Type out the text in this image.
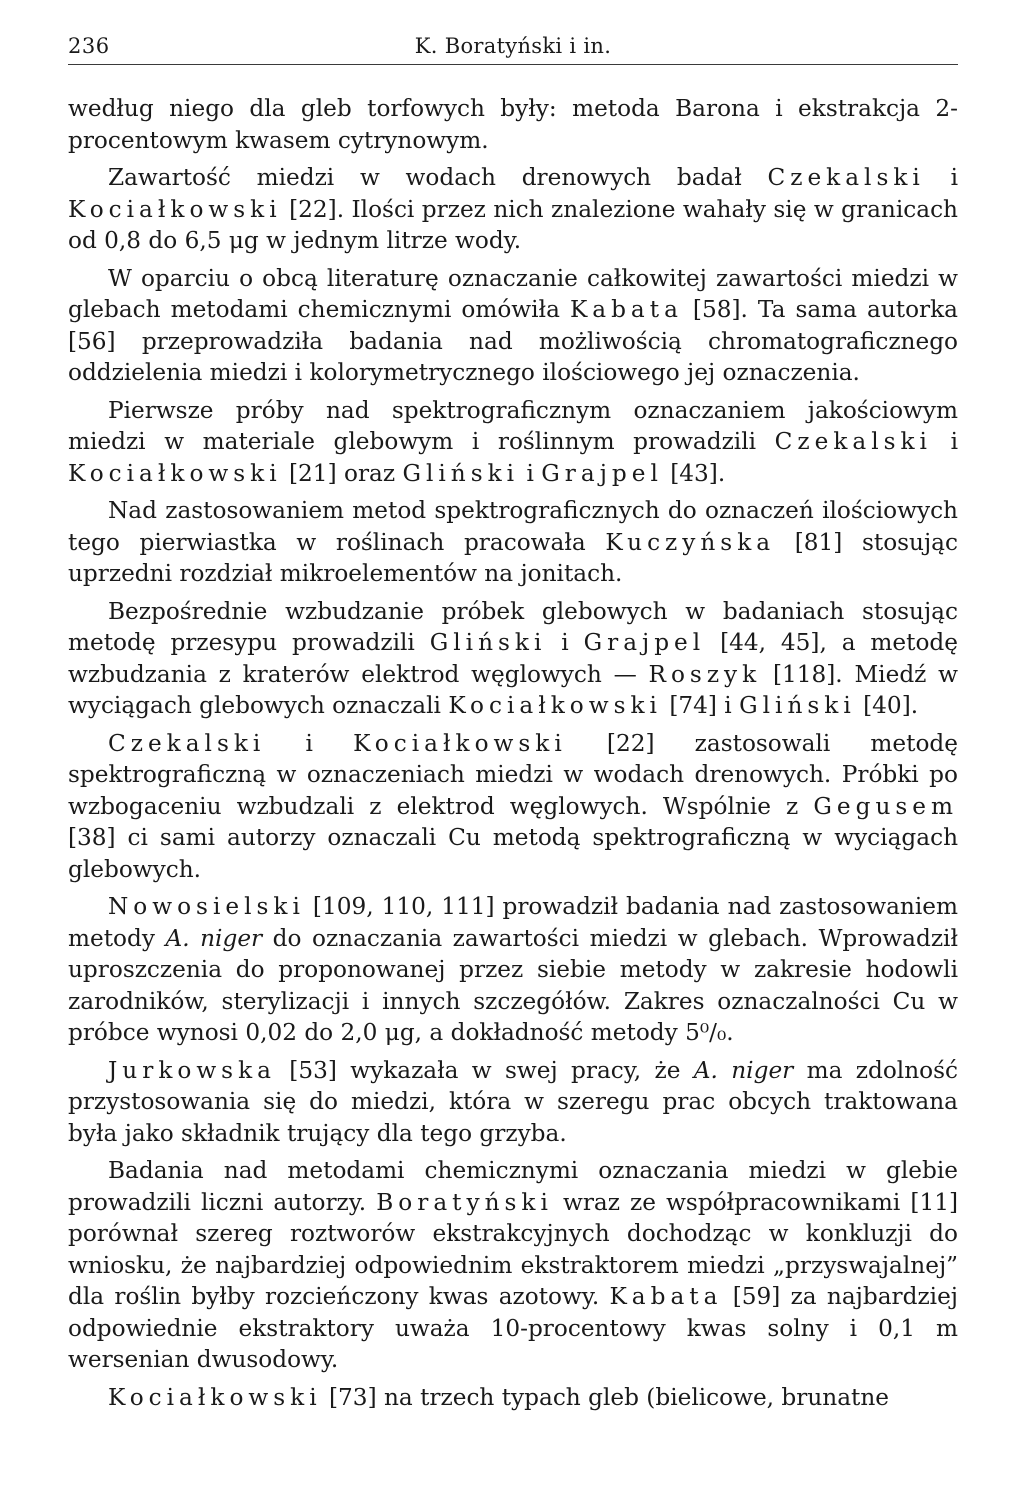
236	K. Boratyński i in.

według niego dla gleb torfowych były: metoda Barona i ekstrakcja 2-procentowym kwasem cytrynowym.

Zawartość miedzi w wodach drenowych badał Czekalski i Kociałkowski [22]. Ilości przez nich znalezione wahały się w granicach od 0,8 do 6,5 μg w jednym litrze wody.

W oparciu o obcą literaturę oznaczanie całkowitej zawartości miedzi w glebach metodami chemicznymi omówiła Kabata [58]. Ta sama autorka [56] przeprowadziła badania nad możliwością chromatograficznego oddzielenia miedzi i kolorymetrycznego ilościowego jej oznaczenia.

Pierwsze próby nad spektrograficznym oznaczaniem jakościowym miedzi w materiale glebowym i roślinnym prowadzili Czekalski i Kociałkowski [21] oraz Gliński i Grajpel [43].

Nad zastosowaniem metod spektrograficznych do oznaczeń ilościowych tego pierwiastka w roślinach pracowała Kuczyńska [81] stosując uprzedni rozdział mikroelementów na jonitach.

Bezpośrednie wzbudzanie próbek glebowych w badaniach stosując metodę przesypu prowadzili Gliński i Grajpel [44, 45], a metodę wzbudzania z kraterów elektrod węglowych — Roszyk [118]. Miedź w wyciągach glebowych oznaczali Kociałkowski [74] i Gliński [40].

Czekalski i Kociałkowski [22] zastosowali metodę spektrograficzną w oznaczeniach miedzi w wodach drenowych. Próbki po wzbogaceniu wzbudzali z elektrod węglowych. Wspólnie z Gegusem [38] ci sami autorzy oznaczali Cu metodą spektrograficzną w wyciągach glebowych.

Nowosielski [109, 110, 111] prowadził badania nad zastosowaniem metody A. niger do oznaczania zawartości miedzi w glebach. Wprowadził uproszczenia do proponowanej przez siebie metody w zakresie hodowli zarodników, sterylizacji i innych szczegółów. Zakres oznaczalności Cu w próbce wynosi 0,02 do 2,0 μg, a dokładność metody 5⁰/₀.

Jurkowska [53] wykazała w swej pracy, że A. niger ma zdolność przystosowania się do miedzi, która w szeregu prac obcych traktowana była jako składnik trujący dla tego grzyba.

Badania nad metodami chemicznymi oznaczania miedzi w glebie prowadzili liczni autorzy. Boratyński wraz ze współpracownikami [11] porównał szereg roztworów ekstrakcyjnych dochodząc w konkluzji do wniosku, że najbardziej odpowiednim ekstraktorem miedzi „przyswajalnej” dla roślin byłby rozcieńczony kwas azotowy. Kabata [59] za najbardziej odpowiednie ekstraktory uważa 10-procentowy kwas solny i 0,1 m wersenian dwusodowy.

Kociałkowski [73] na trzech typach gleb (bielicowe, brunatne
